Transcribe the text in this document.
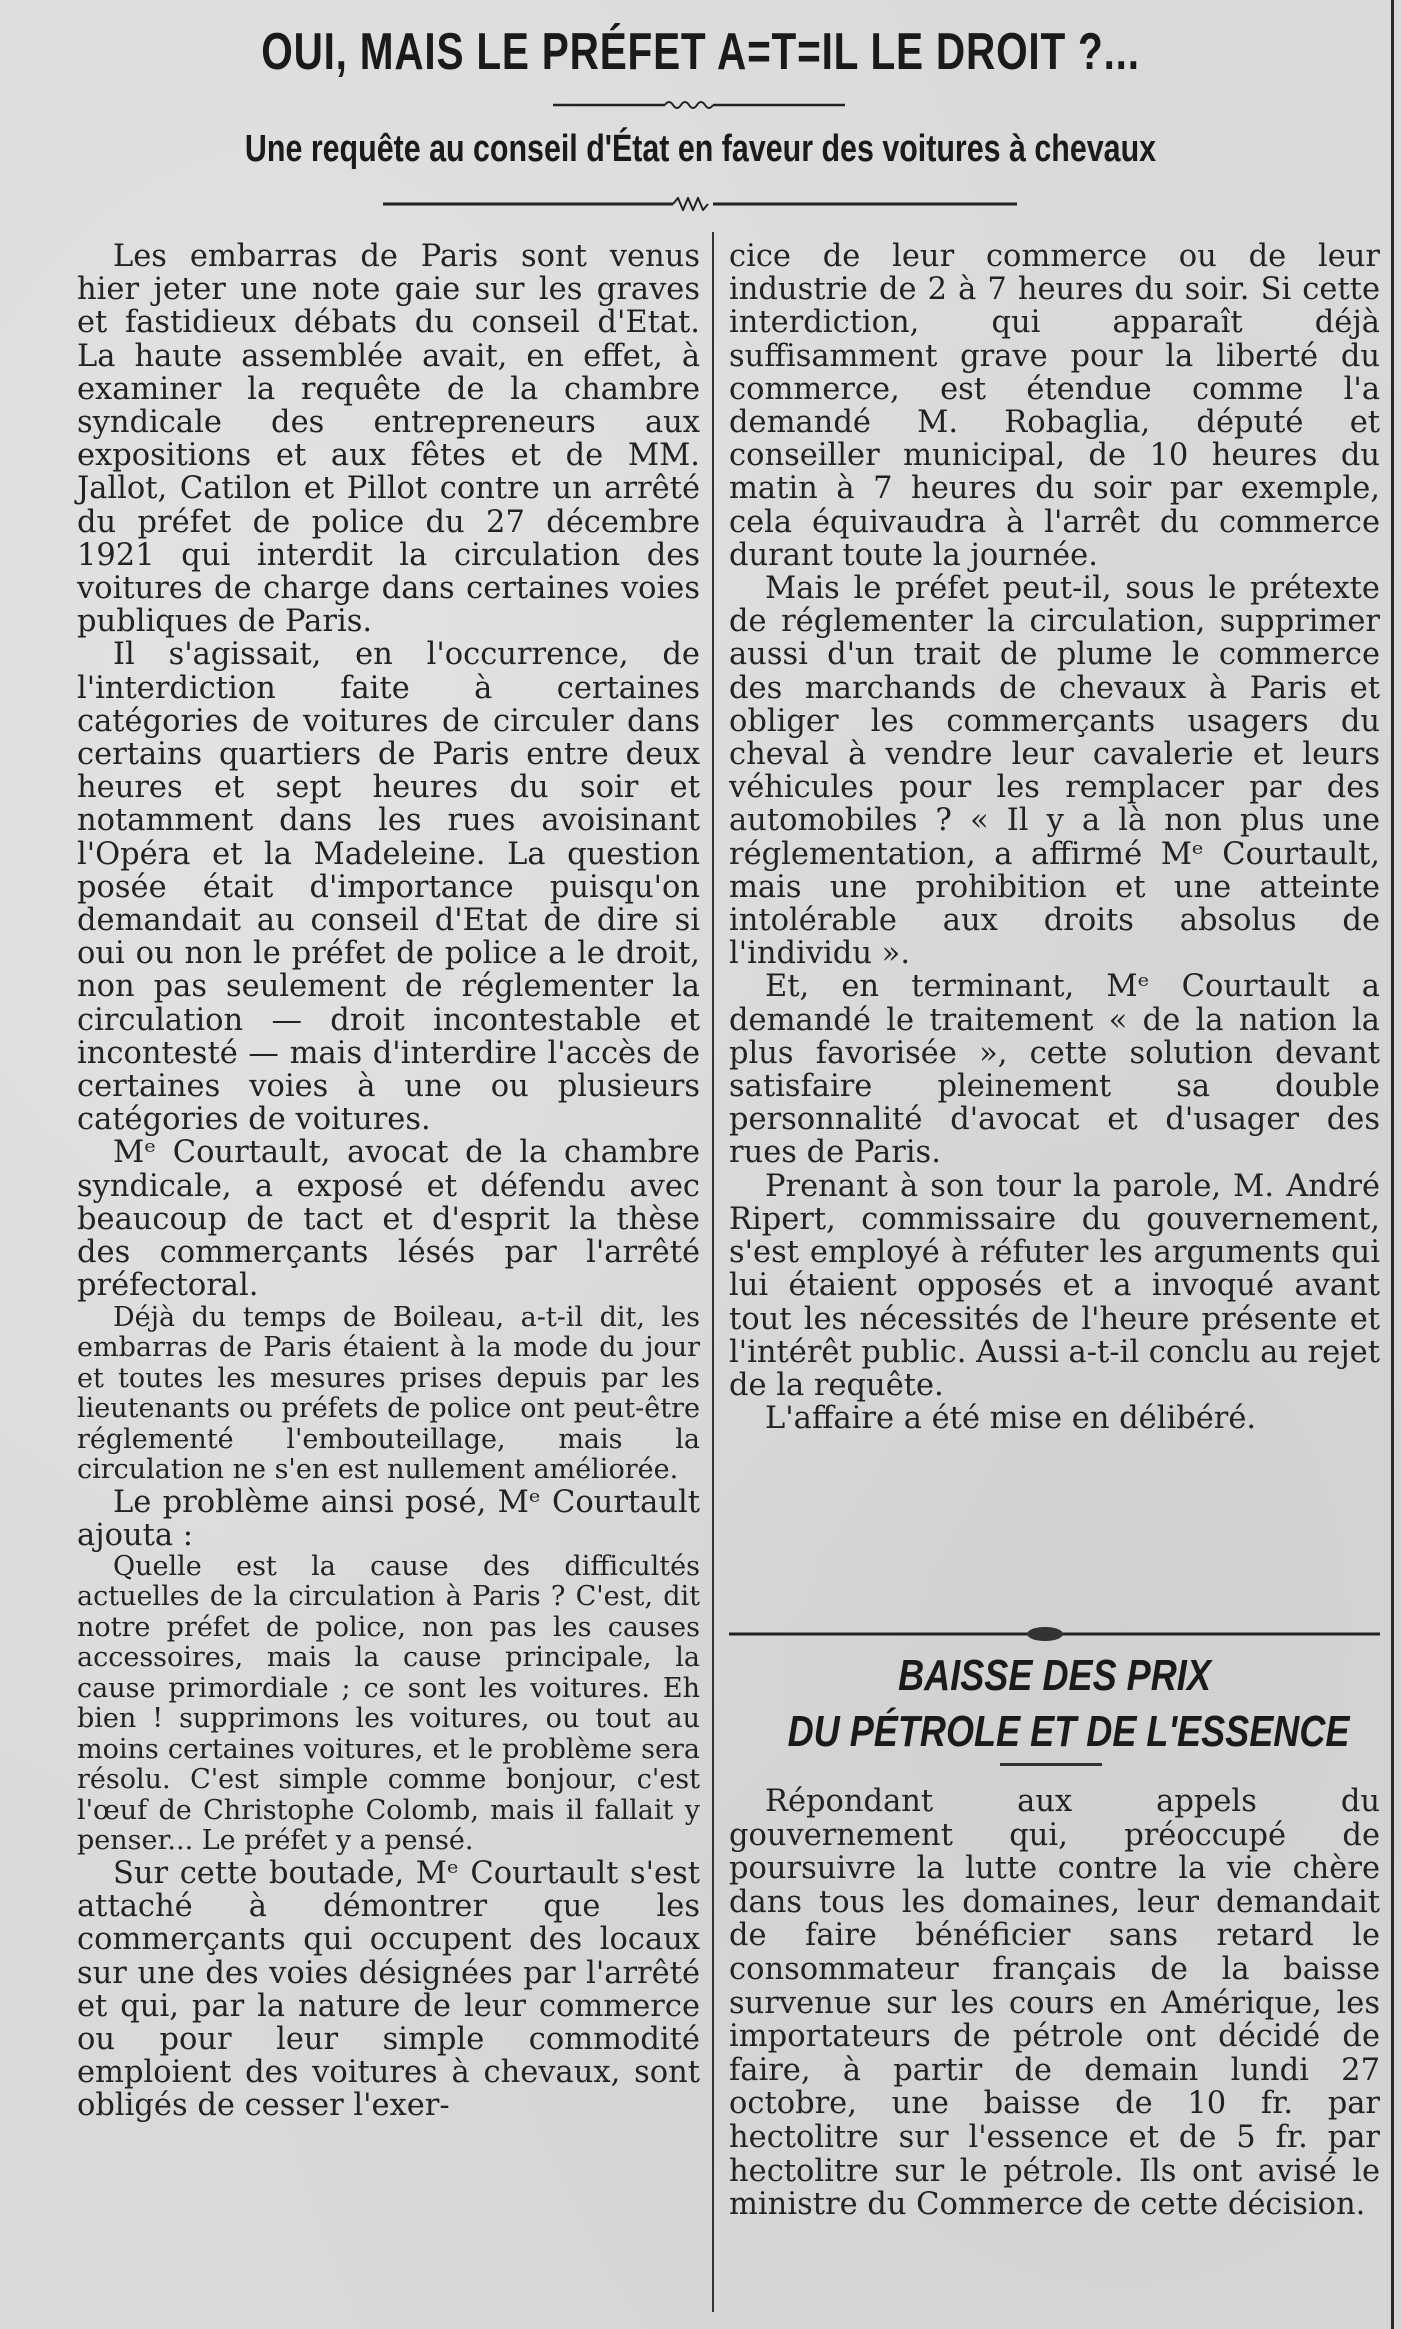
OUI, MAIS LE PRÉFET A=T=IL LE DROIT ?...
Une requête au conseil d'État en faveur des voitures à chevaux

Les embarras de Paris sont venus hier jeter une note gaie sur les graves et fastidieux débats du conseil d'Etat. La haute assemblée avait, en effet, à examiner la requête de la chambre syndicale des entrepreneurs aux expositions et aux fêtes et de MM. Jallot, Catilon et Pillot contre un arrêté du préfet de police du 27 décembre 1921 qui interdit la circulation des voitures de charge dans certaines voies publiques de Paris.

Il s'agissait, en l'occurrence, de l'interdiction faite à certaines catégories de voitures de circuler dans certains quartiers de Paris entre deux heures et sept heures du soir et notamment dans les rues avoisinant l'Opéra et la Madeleine. La question posée était d'importance puisqu'on demandait au conseil d'Etat de dire si oui ou non le préfet de police a le droit, non pas seulement de réglementer la circulation — droit incontestable et incontesté — mais d'interdire l'accès de certaines voies à une ou plusieurs catégories de voitures.

Mᵉ Courtault, avocat de la chambre syndicale, a exposé et défendu avec beaucoup de tact et d'esprit la thèse des commerçants lésés par l'arrêté préfectoral.

Déjà du temps de Boileau, a-t-il dit, les embarras de Paris étaient à la mode du jour et toutes les mesures prises depuis par les lieutenants ou préfets de police ont peut-être réglementé l'embouteillage, mais la circulation ne s'en est nullement améliorée.

Le problème ainsi posé, Mᵉ Courtault ajouta :

Quelle est la cause des difficultés actuelles de la circulation à Paris ? C'est, dit notre préfet de police, non pas les causes accessoires, mais la cause principale, la cause primordiale ; ce sont les voitures. Eh bien ! supprimons les voitures, ou tout au moins certaines voitures, et le problème sera résolu. C'est simple comme bonjour, c'est l'œuf de Christophe Colomb, mais il fallait y penser... Le préfet y a pensé.

Sur cette boutade, Mᵉ Courtault s'est attaché à démontrer que les commerçants qui occupent des locaux sur une des voies désignées par l'arrêté et qui, par la nature de leur commerce ou pour leur simple commodité emploient des voitures à chevaux, sont obligés de cesser l'exer-

cice de leur commerce ou de leur industrie de 2 à 7 heures du soir. Si cette interdiction, qui apparaît déjà suffisamment grave pour la liberté du commerce, est étendue comme l'a demandé M. Robaglia, député et conseiller municipal, de 10 heures du matin à 7 heures du soir par exemple, cela équivaudra à l'arrêt du commerce durant toute la journée.

Mais le préfet peut-il, sous le prétexte de réglementer la circulation, supprimer aussi d'un trait de plume le commerce des marchands de chevaux à Paris et obliger les commerçants usagers du cheval à vendre leur cavalerie et leurs véhicules pour les remplacer par des automobiles ? « Il y a là non plus une réglementation, a affirmé Mᵉ Courtault, mais une prohibition et une atteinte intolérable aux droits absolus de l'individu ».

Et, en terminant, Mᵉ Courtault a demandé le traitement « de la nation la plus favorisée », cette solution devant satisfaire pleinement sa double personnalité d'avocat et d'usager des rues de Paris.

Prenant à son tour la parole, M. André Ripert, commissaire du gouvernement, s'est employé à réfuter les arguments qui lui étaient opposés et a invoqué avant tout les nécessités de l'heure présente et l'intérêt public. Aussi a-t-il conclu au rejet de la requête.

L'affaire a été mise en délibéré.

BAISSE DES PRIX
DU PÉTROLE ET DE L'ESSENCE

Répondant aux appels du gouvernement qui, préoccupé de poursuivre la lutte contre la vie chère dans tous les domaines, leur demandait de faire bénéficier sans retard le consommateur français de la baisse survenue sur les cours en Amérique, les importateurs de pétrole ont décidé de faire, à partir de demain lundi 27 octobre, une baisse de 10 fr. par hectolitre sur l'essence et de 5 fr. par hectolitre sur le pétrole. Ils ont avisé le ministre du Commerce de cette décision.
